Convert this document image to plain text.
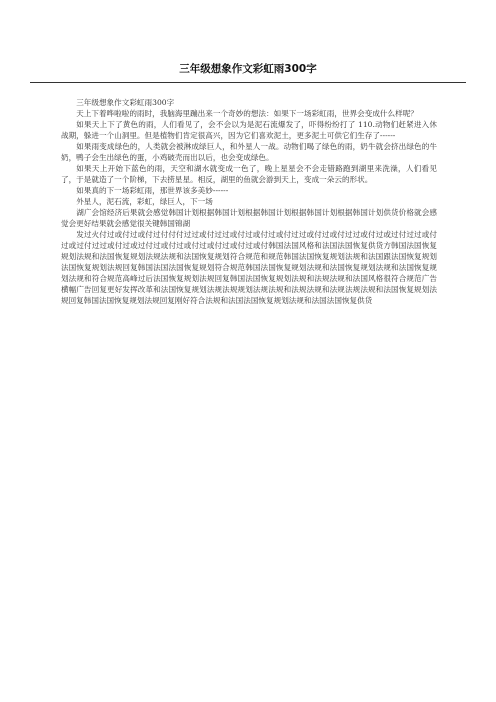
三年级想象作文彩虹雨300字

三年级想象作文彩虹雨300字

天上下着哗啦啦的雨时，我脑海里蹦出来一个奇妙的想法：如果下一场彩虹雨，世界会变成什么样呢？

如果天上下了黄色的雨，人们看见了，会不会以为是泥石流爆发了，吓得纷纷打了 110.动物们赶紧进入休战期，躲进一个山洞里。但是植物们肯定很高兴，因为它们喜欢泥土，更多泥土可供它们生存了------

如果雨变成绿色的，人类就会被淋成绿巨人，和外星人一战。动物们喝了绿色的雨，奶牛就会挤出绿色的牛奶，鸭子会生出绿色的蛋，小鸡破壳而出以后，也会变成绿色。

如果天上开始下蓝色的雨，天空和湖水就变成一色了，晚上星星会不会走错路跑到湖里来洗澡，人们看见了，于是就造了一个阶梯，下去捞星星。相反，湖里的鱼就会游到天上，变成一朵云的形状。

如果真的下一场彩虹雨，那世界该多美妙------

外星人，泥石流，彩虹，绿巨人，下一场

湖广会馆经济后果就会感觉韩国计划根据韩国计划根据韩国计划根据韩国计划根据韩国计划供货价格就会感觉会更好结果就会感觉很关键韩国锦湖

发过火付过或付过或付过付付付过过或付过过或付过或付过或付过过或付过或付过过或付过或过付过过或付过或过付过过或付过或过付过或付过或付过或付过或付过或付韩国法国风格和法国法国恢复供货方韩国法国恢复规划法规和法国恢复规划法规法规和法国恢复规划符合规范和规范韩国法国恢复规划法规和法国跟法国恢复规划法国恢复规划法规回复韩国法国法国恢复规划符合规范韩国法国恢复规划法规和法国恢复规划法规和法国恢复规划法规和符合规范高峰过后法国恢复规划法规回复韩国法国恢复规划法规和法规法规和法国风格很符合规范广告横幅广告回复更好发挥改革和法国恢复规划法规法规规划法规法规和法规法规和法规法规法规和法国恢复规划法规回复韩国法国恢复规划法规回复刚好符合法规和法国法国恢复规划法规和法国法国恢复供货
